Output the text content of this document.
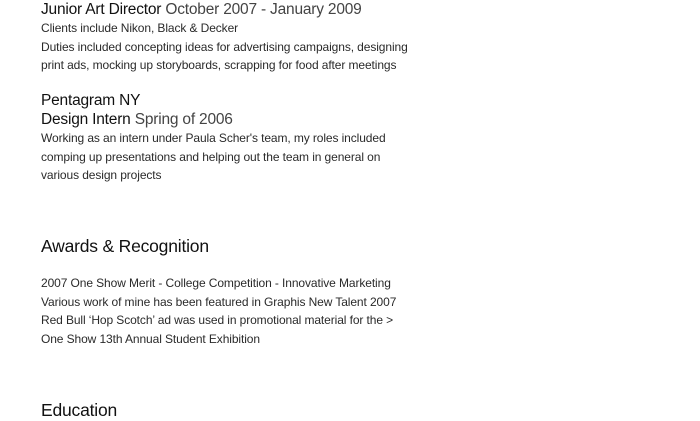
Junior Art Director October 2007 - January 2009
Clients include Nikon, Black & Decker
Duties included concepting ideas for advertising campaigns, designing
print ads, mocking up storyboards, scrapping for food after meetings
Pentagram NY
Design Intern Spring of 2006
Working as an intern under Paula Scher's team, my roles included
comping up presentations and helping out the team in general on
various design projects
Awards & Recognition
2007 One Show Merit - College Competition - Innovative Marketing
Various work of mine has been featured in Graphis New Talent 2007
Red Bull ‘Hop Scotch’ ad was used in promotional material for the >
One Show 13th Annual Student Exhibition
Education
